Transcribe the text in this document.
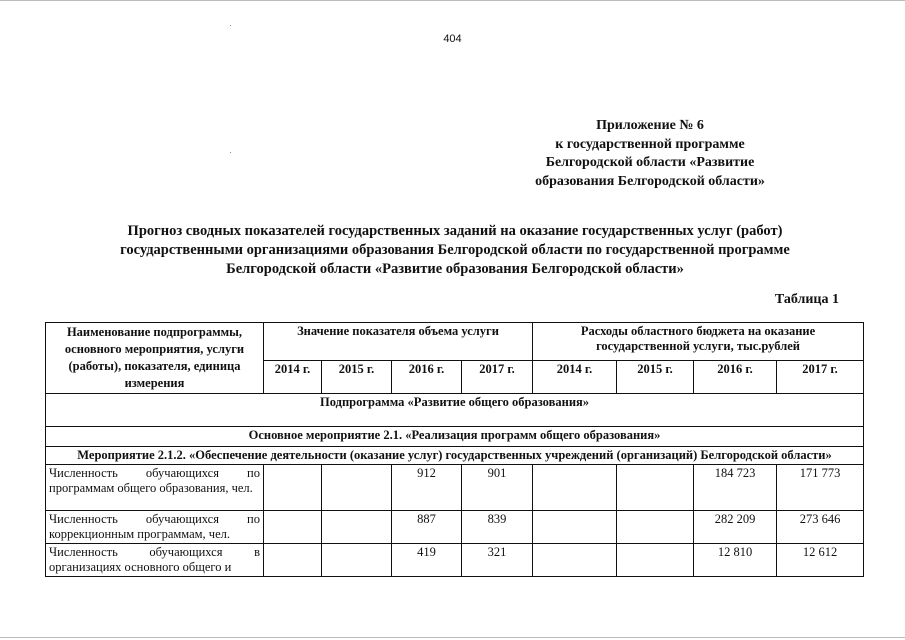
404
Приложение № 6
к государственной программе
Белгородской области «Развитие
образования Белгородской области»
Прогноз сводных показателей государственных заданий на оказание государственных услуг (работ)
государственными организациями образования Белгородской области по государственной программе
Белгородской области «Развитие образования Белгородской области»
Таблица 1
Наименование подпрограммы, основного мероприятия, услуги (работы), показателя, единица измерения	Значение показателя объема услуги				Расходы областного бюджета на оказание государственной услуги, тыс.рублей			
	2014 г.	2015 г.	2016 г.	2017 г.	2014 г.	2015 г.	2016 г.	2017 г.
Подпрограмма «Развитие общего образования»								
Основное мероприятие 2.1. «Реализация программ общего образования»								
Мероприятие 2.1.2. «Обеспечение деятельности (оказание услуг) государственных учреждений (организаций) Белгородской области»								
Численность обучающихся по программам общего образования, чел.			912	901			184 723	171 773
Численность обучающихся по коррекционным программам, чел.			887	839			282 209	273 646
Численность обучающихся в организациях основного общего и			419	321			12 810	12 612
